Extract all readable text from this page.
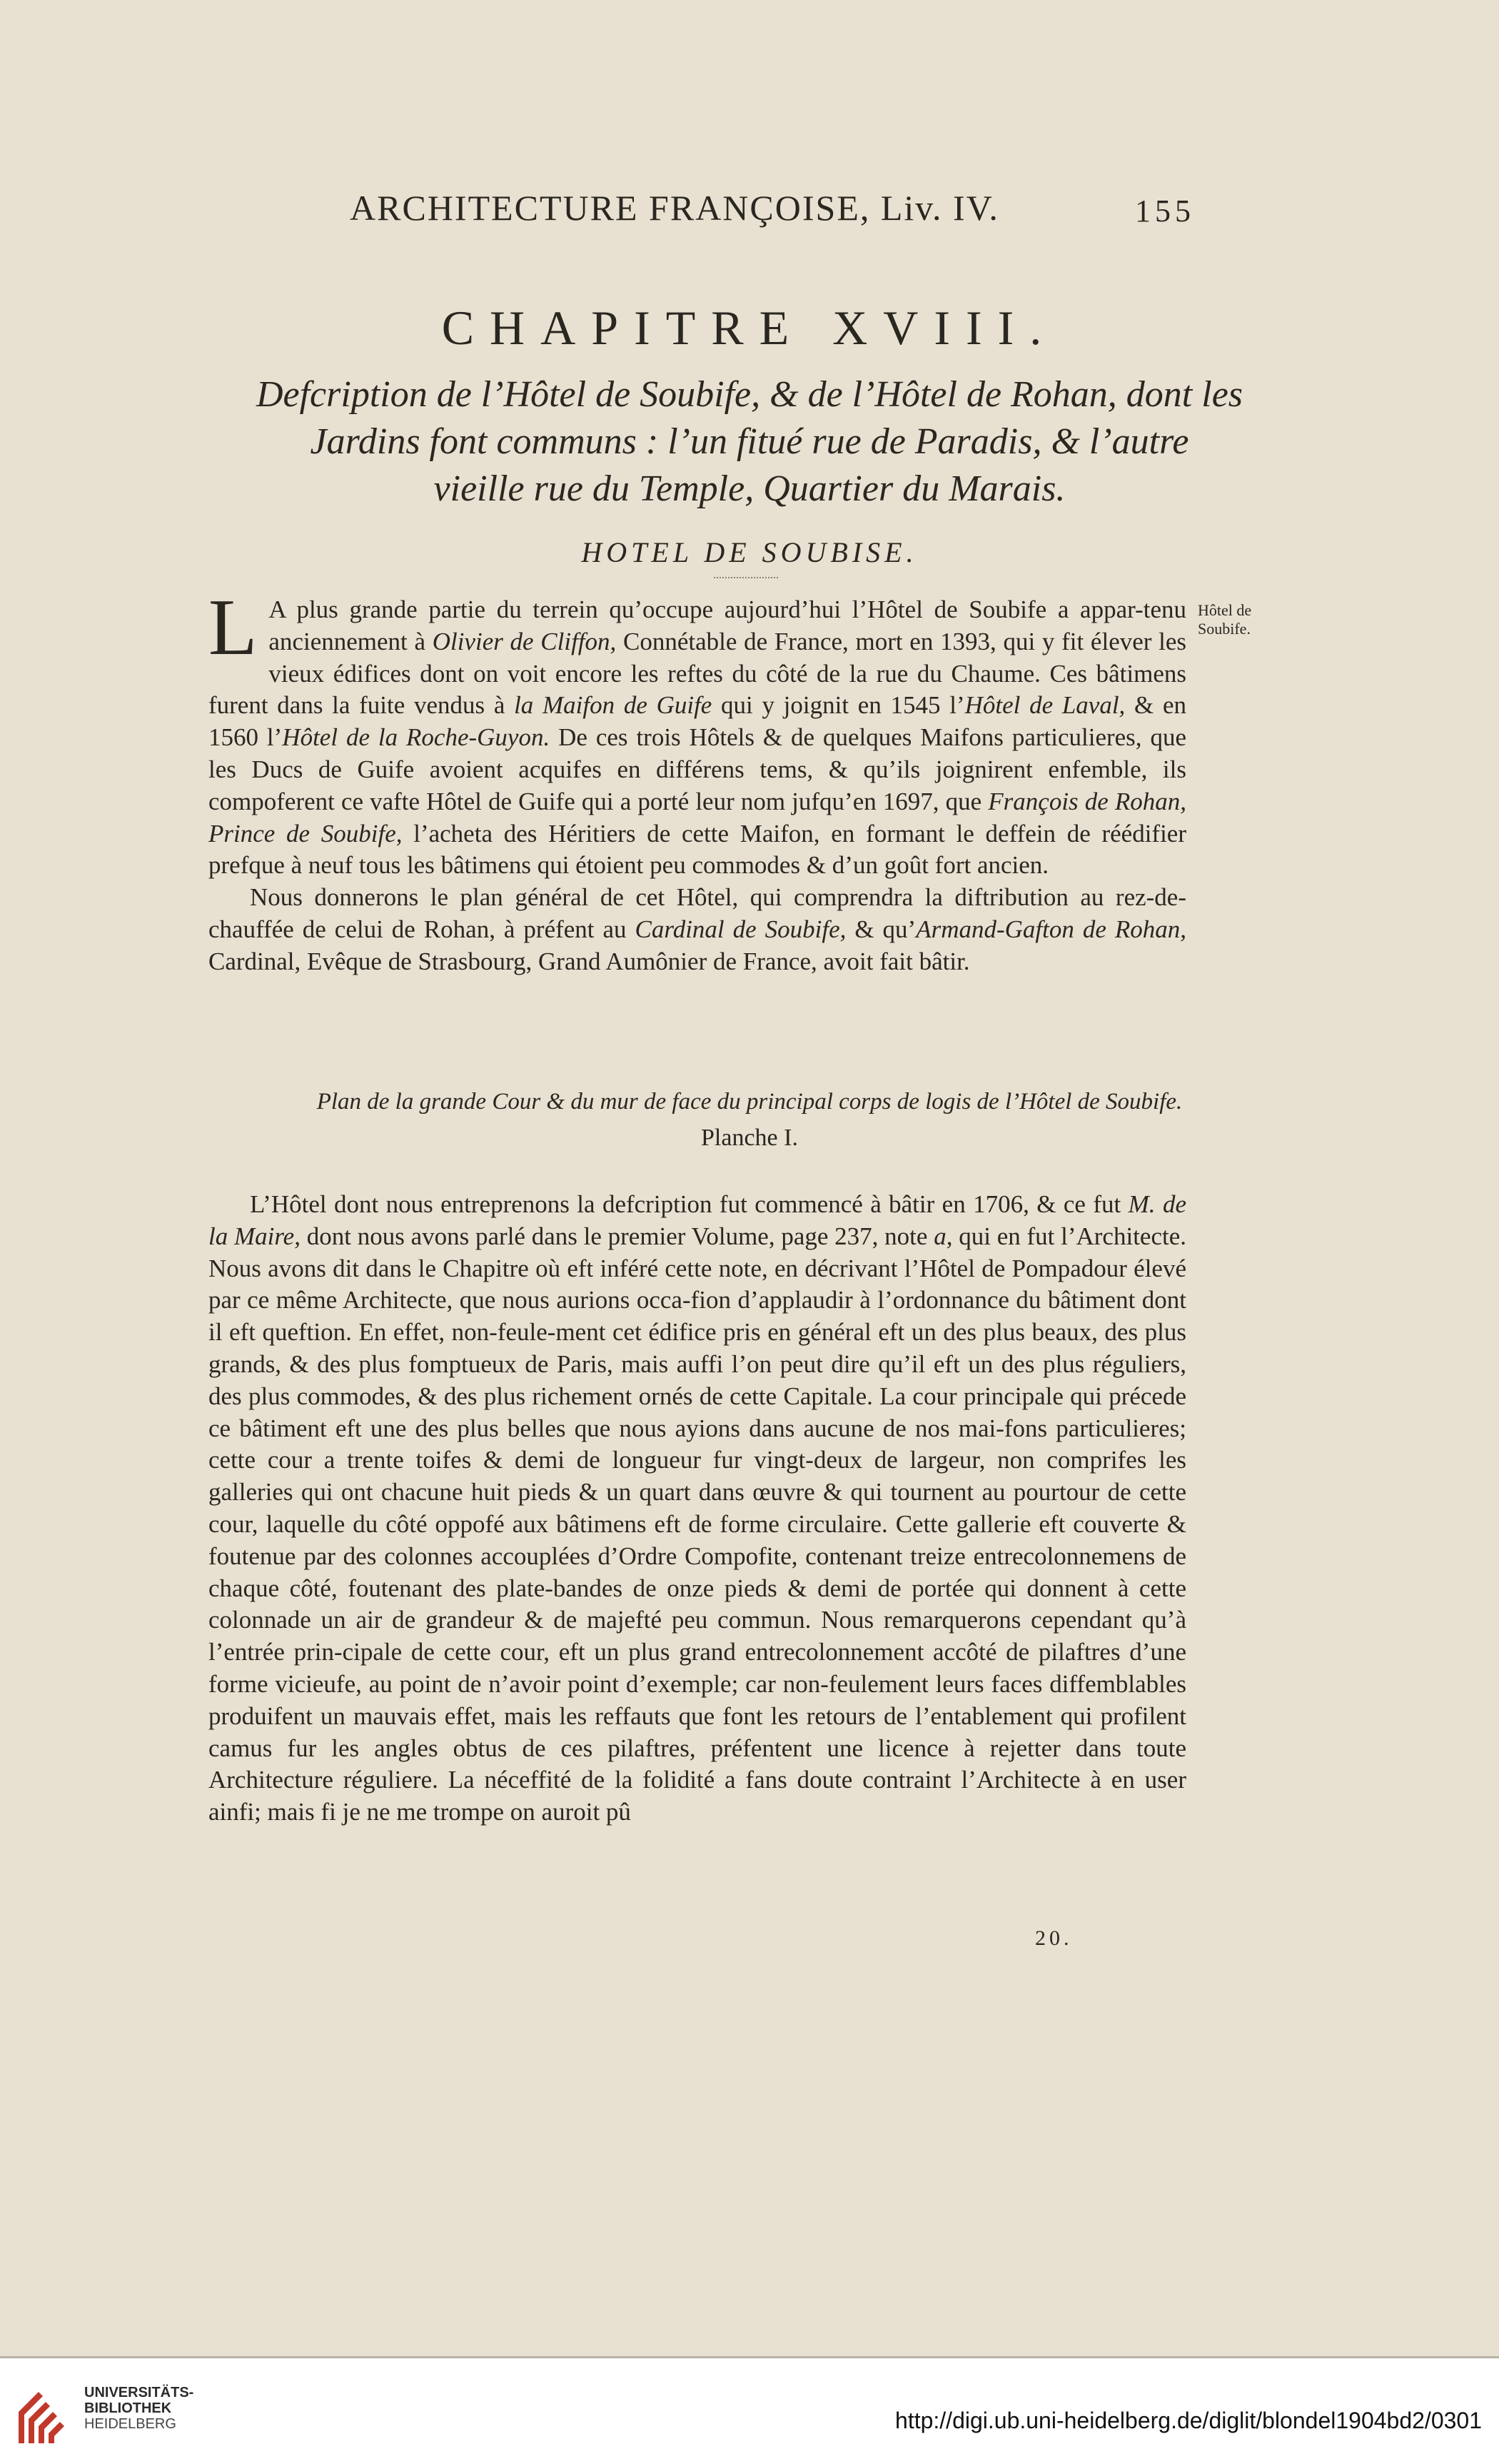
ARCHITECTURE FRANÇOISE, Liv. IV.	155
CHAPITRE XVIII.
Defcription de l’Hôtel de Soubife, & de l’Hôtel de Rohan, dont les
Jardins font communs : l’un fitué rue de Paradis, & l’autre
vieille rue du Temple, Quartier du Marais.
HOTEL DE SOUBISE.
Hôtel de Soubife.

L A plus grande partie du terrein qu’occupe aujourd’hui l’Hôtel de Soubife a appar-tenu anciennement à Olivier de Cliffon, Connétable de France, mort en 1393, qui y fit élever les vieux édifices dont on voit encore les reftes du côté de la rue du Chaume. Ces bâtimens furent dans la fuite vendus à la Maifon de Guife qui y joignit en 1545 l’Hôtel de Laval, & en 1560 l’Hôtel de la Roche-Guyon. De ces trois Hôtels & de quelques Maifons particulieres, que les Ducs de Guife avoient acquifes en différens tems, & qu’ils joignirent enfemble, ils compoferent ce vafte Hôtel de Guife qui a porté leur nom jufqu’en 1697, que François de Rohan, Prince de Soubife, l’acheta des Héritiers de cette Maifon, en formant le deffein de réédifier prefque à neuf tous les bâtimens qui étoient peu commodes & d’un goût fort ancien.

Nous donnerons le plan général de cet Hôtel, qui comprendra la diftribution au rez-de-chauffée de celui de Rohan, à préfent au Cardinal de Soubife, & qu’Armand-Gafton de Rohan, Cardinal, Evêque de Strasbourg, Grand Aumônier de France, avoit fait bâtir.

Plan de la grande Cour & du mur de face du principal corps de logis de l’Hôtel de Soubife.
Planche I.

L’Hôtel dont nous entreprenons la defcription fut commencé à bâtir en 1706, & ce fut M. de la Maire, dont nous avons parlé dans le premier Volume, page 237, note a, qui en fut l’Architecte. Nous avons dit dans le Chapitre où eft inféré cette note, en décrivant l’Hôtel de Pompadour élevé par ce même Architecte, que nous aurions occa-fion d’applaudir à l’ordonnance du bâtiment dont il eft queftion. En effet, non-feule-ment cet édifice pris en général eft un des plus beaux, des plus grands, & des plus fomptueux de Paris, mais auffi l’on peut dire qu’il eft un des plus réguliers, des plus commodes, & des plus richement ornés de cette Capitale. La cour principale qui précede ce bâtiment eft une des plus belles que nous ayions dans aucune de nos mai-fons particulieres; cette cour a trente toifes & demi de longueur fur vingt-deux de largeur, non comprifes les galleries qui ont chacune huit pieds & un quart dans œuvre & qui tournent au pourtour de cette cour, laquelle du côté oppofé aux bâtimens eft de forme circulaire. Cette gallerie eft couverte & foutenue par des colonnes accouplées d’Ordre Compofite, contenant treize entrecolonnemens de chaque côté, foutenant des plate-bandes de onze pieds & demi de portée qui donnent à cette colonnade un air de grandeur & de majefté peu commun. Nous remarquerons cependant qu’à l’entrée prin-cipale de cette cour, eft un plus grand entrecolonnement accôté de pilaftres d’une forme vicieufe, au point de n’avoir point d’exemple; car non-feulement leurs faces diffemblables produifent un mauvais effet, mais les reffauts que font les retours de l’entablement qui profilent camus fur les angles obtus de ces pilaftres, préfentent une licence à rejetter dans toute Architecture réguliere. La néceffité de la folidité a fans doute contraint l’Architecte à en user ainfi; mais fi je ne me trompe on auroit pû

20.
UNIVERSITÄTS-
BIBLIOTHEK
HEIDELBERG	http://digi.ub.uni-heidelberg.de/diglit/blondel1904bd2/0301
